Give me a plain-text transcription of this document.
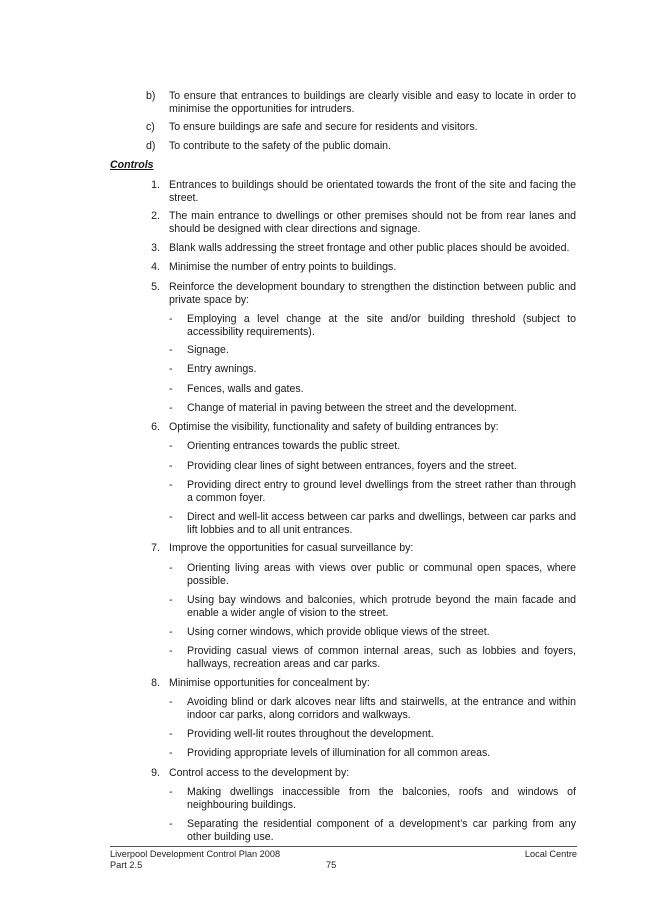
b)	To ensure that entrances to buildings are clearly visible and easy to locate in order to minimise the opportunities for intruders.
c)	To ensure buildings are safe and secure for residents and visitors.
d)	To contribute to the safety of the public domain.
Controls
1. Entrances to buildings should be orientated towards the front of the site and facing the street.
2. The main entrance to dwellings or other premises should not be from rear lanes and should be designed with clear directions and signage.
3. Blank walls addressing the street frontage and other public places should be avoided.
4. Minimise the number of entry points to buildings.
5. Reinforce the development boundary to strengthen the distinction between public and private space by:
- Employing a level change at the site and/or building threshold (subject to accessibility requirements).
- Signage.
- Entry awnings.
- Fences, walls and gates.
- Change of material in paving between the street and the development.
6. Optimise the visibility, functionality and safety of building entrances by:
- Orienting entrances towards the public street.
- Providing clear lines of sight between entrances, foyers and the street.
- Providing direct entry to ground level dwellings from the street rather than through a common foyer.
- Direct and well-lit access between car parks and dwellings, between car parks and lift lobbies and to all unit entrances.
7. Improve the opportunities for casual surveillance by:
- Orienting living areas with views over public or communal open spaces, where possible.
- Using bay windows and balconies, which protrude beyond the main facade and enable a wider angle of vision to the street.
- Using corner windows, which provide oblique views of the street.
- Providing casual views of common internal areas, such as lobbies and foyers, hallways, recreation areas and car parks.
8. Minimise opportunities for concealment by:
- Avoiding blind or dark alcoves near lifts and stairwells, at the entrance and within indoor car parks, along corridors and walkways.
- Providing well-lit routes throughout the development.
- Providing appropriate levels of illumination for all common areas.
9. Control access to the development by:
- Making dwellings inaccessible from the balconies, roofs and windows of neighbouring buildings.
- Separating the residential component of a development’s car parking from any other building use.
Liverpool Development Control Plan 2008
Part 2.5	75
Local Centre
